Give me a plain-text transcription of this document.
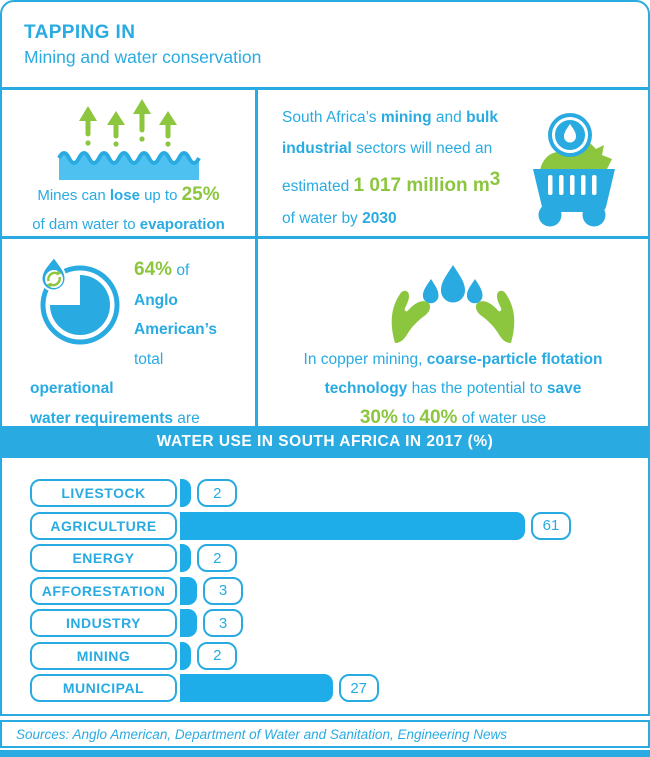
TAPPING IN
Mining and water conservation
Mines can lose up to 25%
of dam water to evaporation
South Africa’s mining and bulk
industrial sectors will need an
estimated 1 017 million $m^3$
of water by 2030
64% of Anglo
American’s total
operational
water requirements are
In copper mining, coarse-particle flotation
technology has the potential to save
30% to 40% of water use
WATER USE IN SOUTH AFRICA IN 2017 (%)
LIVESTOCK	2
AGRICULTURE	61
ENERGY	2
AFFORESTATION	3
INDUSTRY	3
MINING	2
MUNICIPAL	27
Sources: Anglo American, Department of Water and Sanitation, Engineering News
